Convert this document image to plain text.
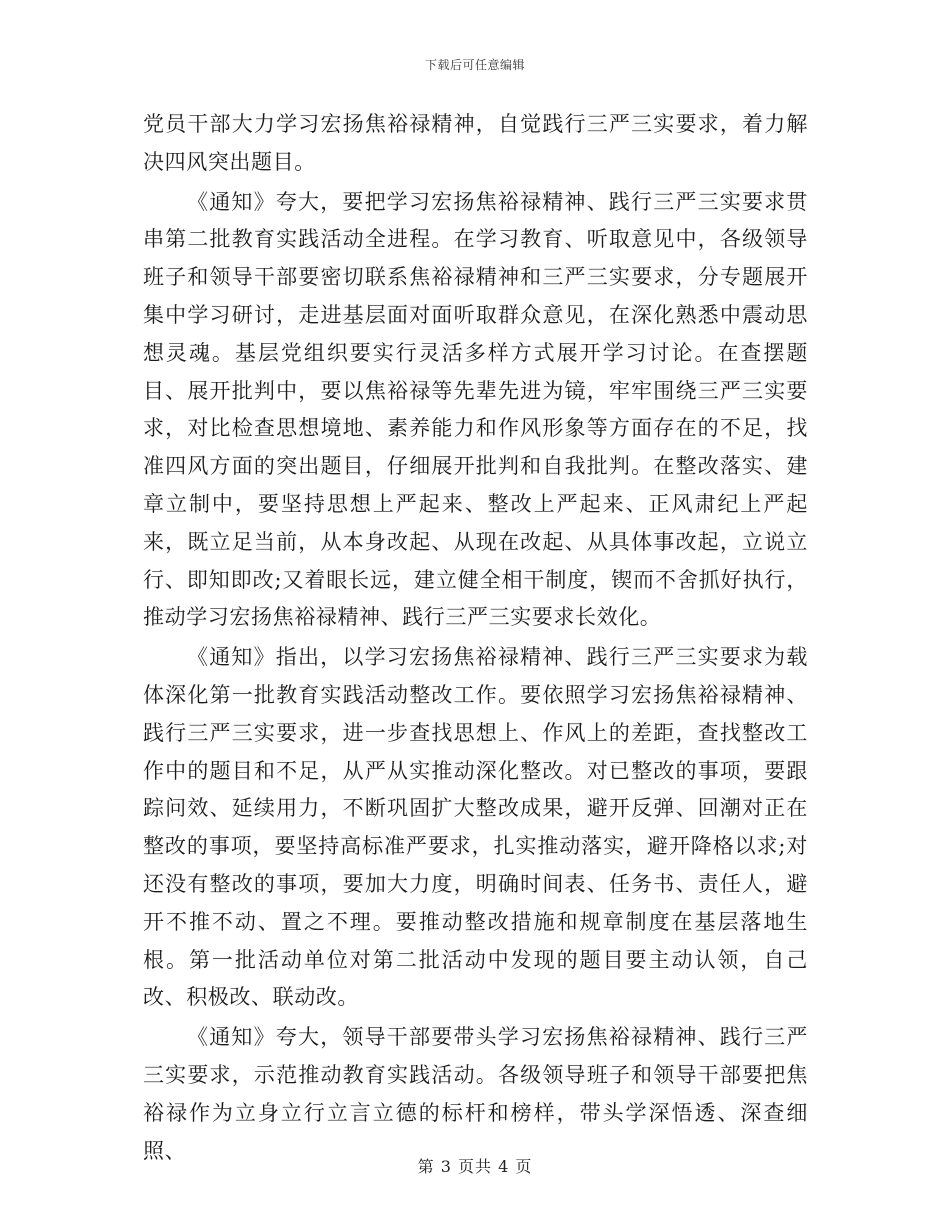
下载后可任意编辑

党员干部大力学习宏扬焦裕禄精神，自觉践行三严三实要求，着力解决四风突出题目。

《通知》夸大，要把学习宏扬焦裕禄精神、践行三严三实要求贯串第二批教育实践活动全进程。在学习教育、听取意见中，各级领导班子和领导干部要密切联系焦裕禄精神和三严三实要求，分专题展开集中学习研讨，走进基层面对面听取群众意见，在深化熟悉中震动思想灵魂。基层党组织要实行灵活多样方式展开学习讨论。在查摆题目、展开批判中，要以焦裕禄等先辈先进为镜，牢牢围绕三严三实要求，对比检查思想境地、素养能力和作风形象等方面存在的不足，找准四风方面的突出题目，仔细展开批判和自我批判。在整改落实、建章立制中，要坚持思想上严起来、整改上严起来、正风肃纪上严起来，既立足当前，从本身改起、从现在改起、从具体事改起，立说立行、即知即改;又着眼长远，建立健全相干制度，锲而不舍抓好执行，推动学习宏扬焦裕禄精神、践行三严三实要求长效化。

《通知》指出，以学习宏扬焦裕禄精神、践行三严三实要求为载体深化第一批教育实践活动整改工作。要依照学习宏扬焦裕禄精神、践行三严三实要求，进一步查找思想上、作风上的差距，查找整改工作中的题目和不足，从严从实推动深化整改。对已整改的事项，要跟踪问效、延续用力，不断巩固扩大整改成果，避开反弹、回潮对正在整改的事项，要坚持高标准严要求，扎实推动落实，避开降格以求;对还没有整改的事项，要加大力度，明确时间表、任务书、责任人，避开不推不动、置之不理。要推动整改措施和规章制度在基层落地生根。第一批活动单位对第二批活动中发现的题目要主动认领，自己改、积极改、联动改。

《通知》夸大，领导干部要带头学习宏扬焦裕禄精神、践行三严三实要求，示范推动教育实践活动。各级领导班子和领导干部要把焦裕禄作为立身立行立言立德的标杆和榜样，带头学深悟透、深查细照、

第 3 页共 4 页
